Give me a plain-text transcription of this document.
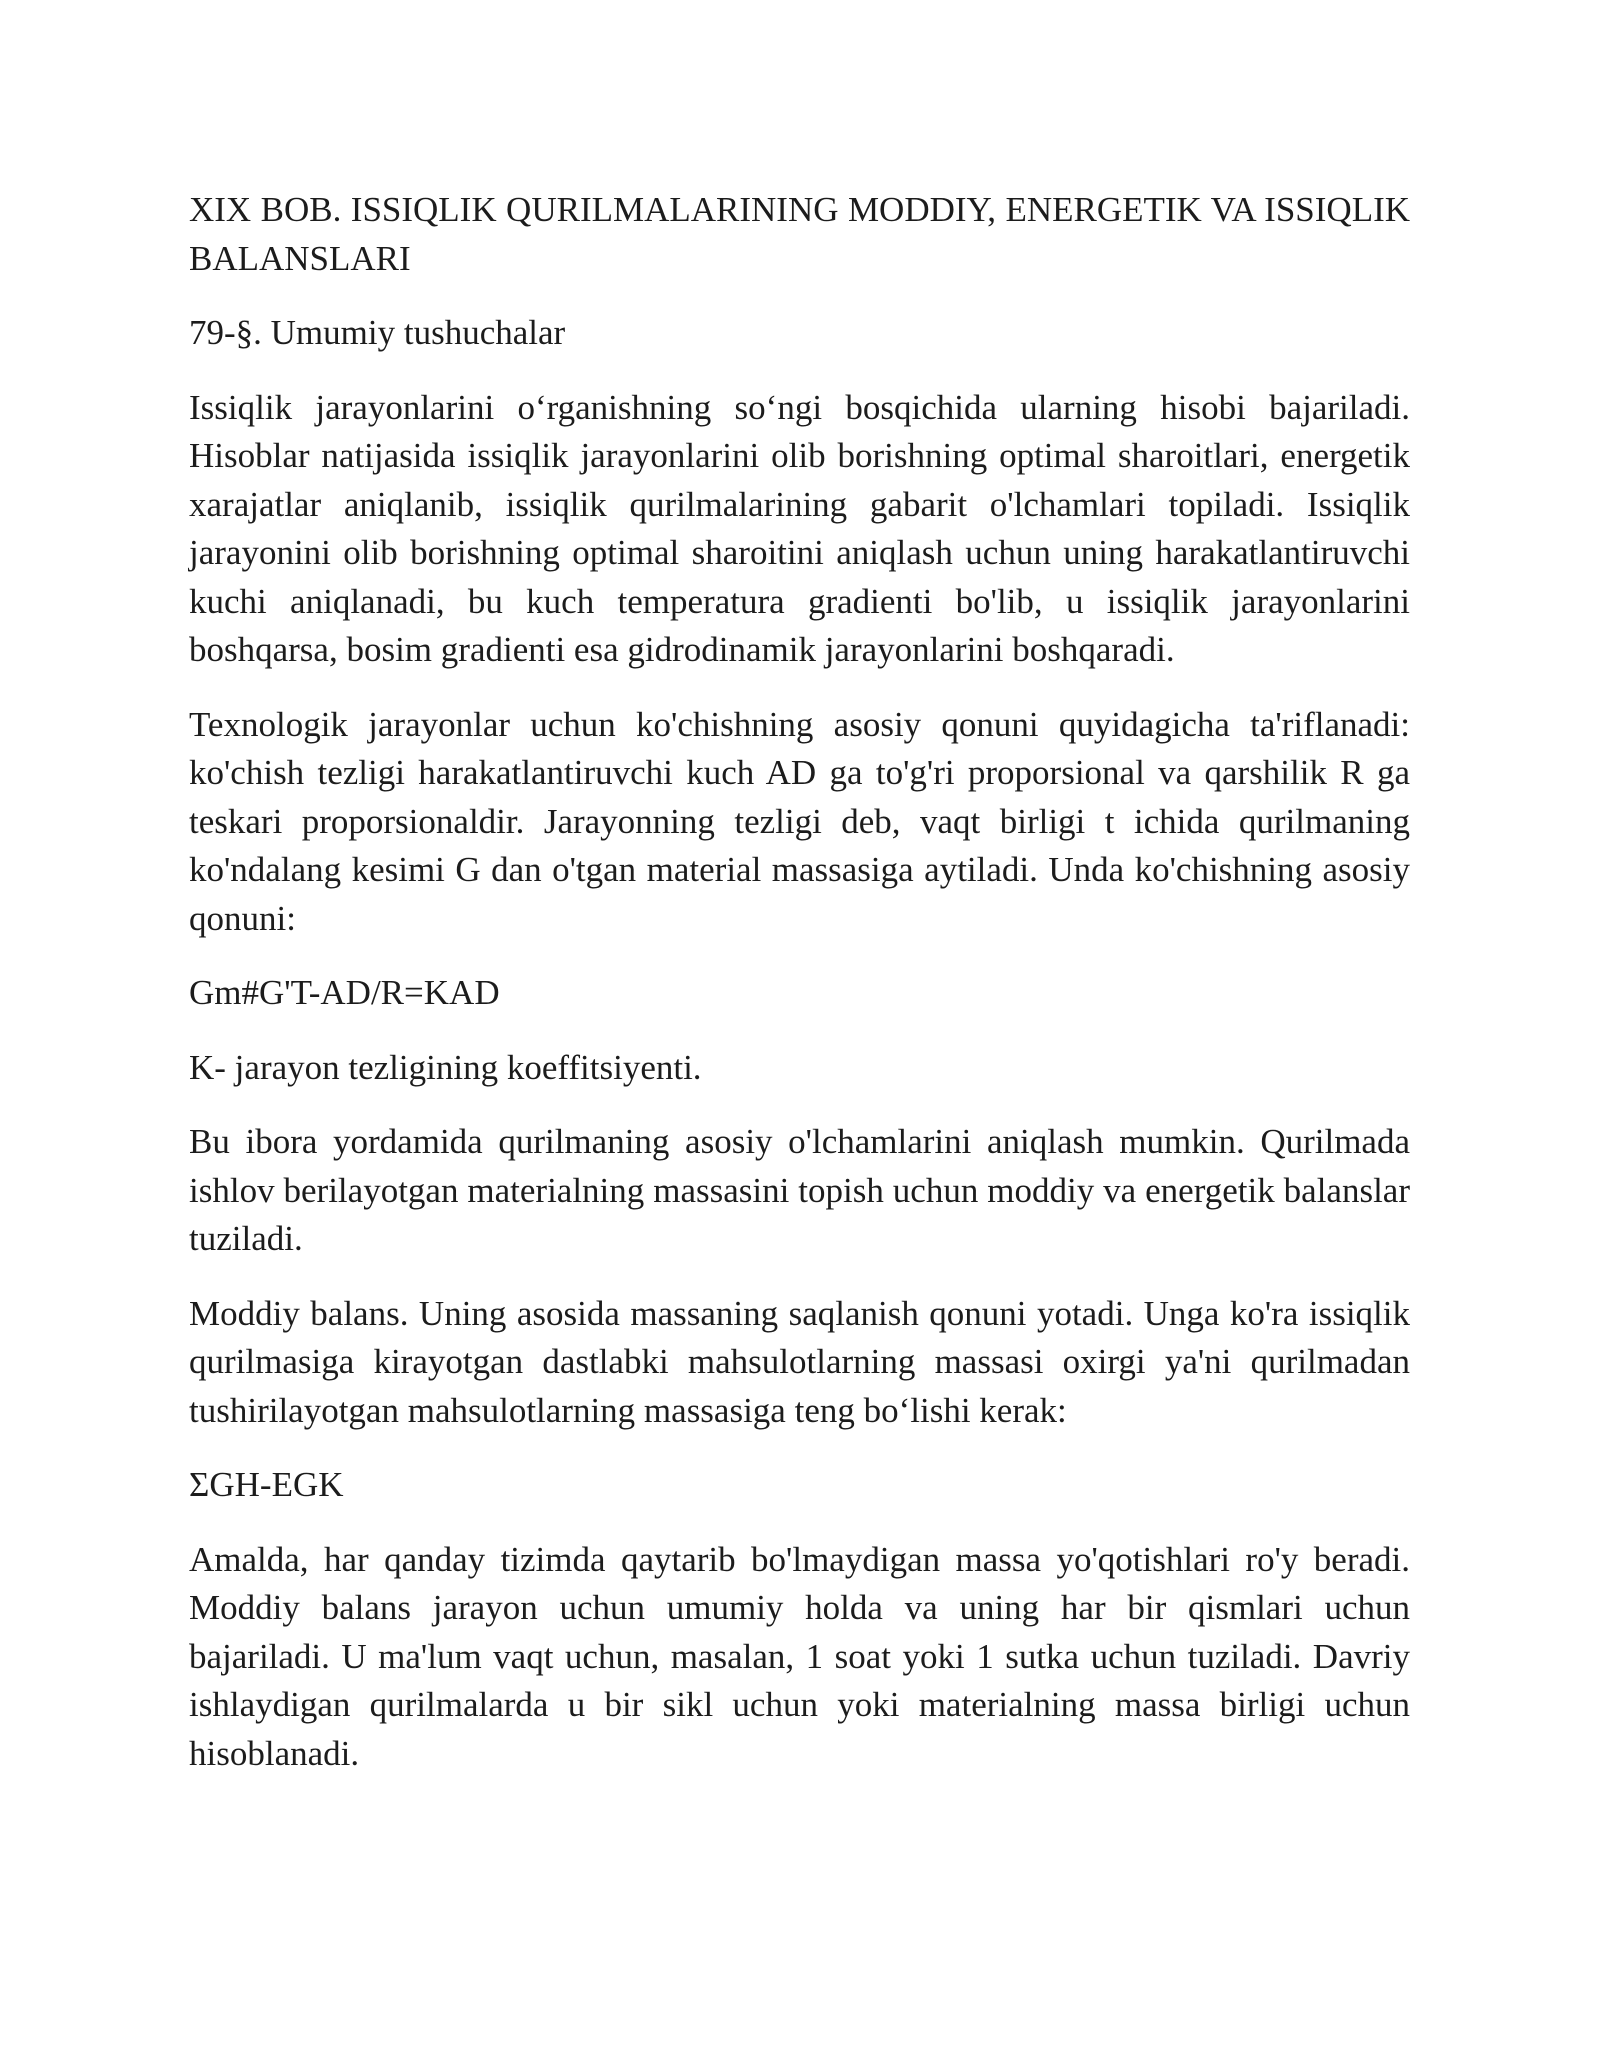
XIX BOB. ISSIQLIK QURILMALARINING MODDIY, ENERGETIK VA ISSIQLIK BALANSLARI

79-§. Umumiy tushuchalar

Issiqlik jarayonlarini o‘rganishning so‘ngi bosqichida ularning hisobi bajariladi. Hisoblar natijasida issiqlik jarayonlarini olib borishning optimal sharoitlari, energetik xarajatlar aniqlanib, issiqlik qurilmalarining gabarit o'lchamlari topiladi. Issiqlik jarayonini olib borishning optimal sharoitini aniqlash uchun uning harakatlantiruvchi kuchi aniqlanadi, bu kuch temperatura gradienti bo'lib, u issiqlik jarayonlarini boshqarsa, bosim gradienti esa gidrodinamik jarayonlarini boshqaradi.

Texnologik jarayonlar uchun ko'chishning asosiy qonuni quyidagicha ta'riflanadi: ko'chish tezligi harakatlantiruvchi kuch AD ga to'g'ri proporsional va qarshilik R ga teskari proporsionaldir. Jarayonning tezligi deb, vaqt birligi t ichida qurilmaning ko'ndalang kesimi G dan o'tgan material massasiga aytiladi. Unda ko'chishning asosiy qonuni:

Gm#G'T-AD/R=KAD

K- jarayon tezligining koeffitsiyenti.

Bu ibora yordamida qurilmaning asosiy o'lchamlarini aniqlash mumkin. Qurilmada ishlov berilayotgan materialning massasini topish uchun moddiy va energetik balanslar tuziladi.

Moddiy balans. Uning asosida massaning saqlanish qonuni yotadi. Unga ko'ra issiqlik qurilmasiga kirayotgan dastlabki mahsulotlarning massasi oxirgi ya'ni qurilmadan tushirilayotgan mahsulotlarning massasiga teng bo‘lishi kerak:

ΣGH-EGK

Amalda, har qanday tizimda qaytarib bo'lmaydigan massa yo'qotishlari ro'y beradi. Moddiy balans jarayon uchun umumiy holda va uning har bir qismlari uchun bajariladi. U ma'lum vaqt uchun, masalan, 1 soat yoki 1 sutka uchun tuziladi. Davriy ishlaydigan qurilmalarda u bir sikl uchun yoki materialning massa birligi uchun hisoblanadi.
